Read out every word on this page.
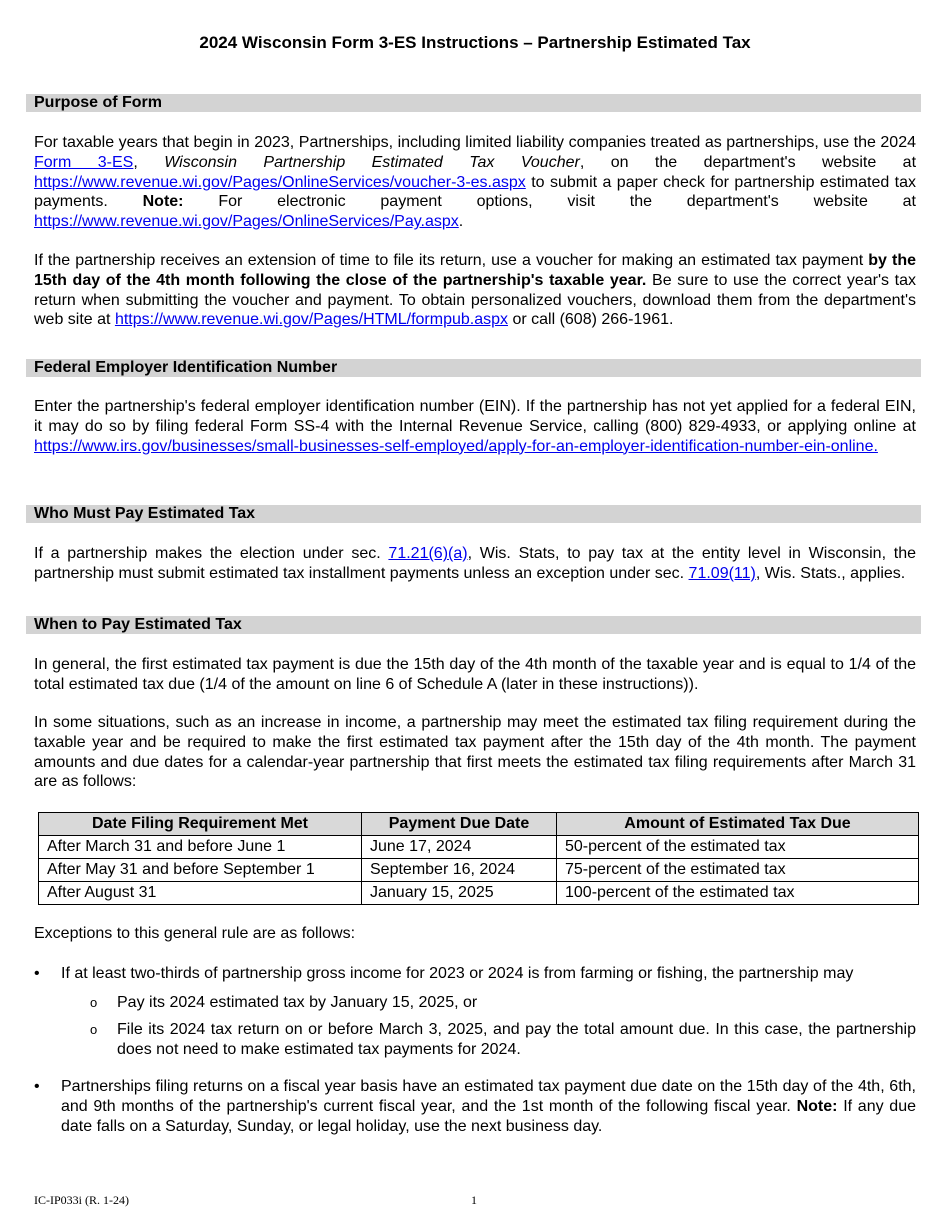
2024 Wisconsin Form 3-ES Instructions – Partnership Estimated Tax
Purpose of Form
For taxable years that begin in 2023, Partnerships, including limited liability companies treated as partnerships, use the 2024 Form 3-ES, Wisconsin Partnership Estimated Tax Voucher, on the department's website at https://www.revenue.wi.gov/Pages/OnlineServices/voucher-3-es.aspx to submit a paper check for partnership estimated tax payments. Note: For electronic payment options, visit the department's website at https://www.revenue.wi.gov/Pages/OnlineServices/Pay.aspx.
If the partnership receives an extension of time to file its return, use a voucher for making an estimated tax payment by the 15th day of the 4th month following the close of the partnership's taxable year. Be sure to use the correct year's tax return when submitting the voucher and payment. To obtain personalized vouchers, download them from the department's web site at https://www.revenue.wi.gov/Pages/HTML/formpub.aspx or call (608) 266-1961.
Federal Employer Identification Number
Enter the partnership's federal employer identification number (EIN). If the partnership has not yet applied for a federal EIN, it may do so by filing federal Form SS-4 with the Internal Revenue Service, calling (800) 829-4933, or applying online at https://www.irs.gov/businesses/small-businesses-self-employed/apply-for-an-employer-identification-number-ein-online.
Who Must Pay Estimated Tax
If a partnership makes the election under sec. 71.21(6)(a), Wis. Stats, to pay tax at the entity level in Wisconsin, the partnership must submit estimated tax installment payments unless an exception under sec. 71.09(11), Wis. Stats., applies.
When to Pay Estimated Tax
In general, the first estimated tax payment is due the 15th day of the 4th month of the taxable year and is equal to 1/4 of the total estimated tax due (1/4 of the amount on line 6 of Schedule A (later in these instructions)).
In some situations, such as an increase in income, a partnership may meet the estimated tax filing requirement during the taxable year and be required to make the first estimated tax payment after the 15th day of the 4th month. The payment amounts and due dates for a calendar-year partnership that first meets the estimated tax filing requirements after March 31 are as follows:
Date Filing Requirement Met	Payment Due Date	Amount of Estimated Tax Due
After March 31 and before June 1	June 17, 2024	50-percent of the estimated tax
After May 31 and before September 1	September 16, 2024	75-percent of the estimated tax
After August 31	January 15, 2025	100-percent of the estimated tax
Exceptions to this general rule are as follows:
• If at least two-thirds of partnership gross income for 2023 or 2024 is from farming or fishing, the partnership may
o Pay its 2024 estimated tax by January 15, 2025, or
o File its 2024 tax return on or before March 3, 2025, and pay the total amount due. In this case, the partnership does not need to make estimated tax payments for 2024.
• Partnerships filing returns on a fiscal year basis have an estimated tax payment due date on the 15th day of the 4th, 6th, and 9th months of the partnership's current fiscal year, and the 1st month of the following fiscal year. Note: If any due date falls on a Saturday, Sunday, or legal holiday, use the next business day.
IC-IP033i (R. 1-24)	1
